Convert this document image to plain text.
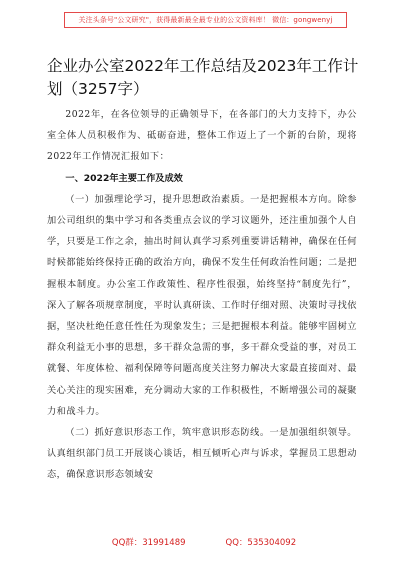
关注头条号"公文研究"，获得最新最全最专业的公文资料库！ 微信：gongwenyj
企业办公室2022年工作总结及2023年工作计划（3257字）

2022年，在各位领导的正确领导下，在各部门的大力支持下，办公室全体人员积极作为、砥砺奋进，整体工作迈上了一个新的台阶，现将2022年工作情况汇报如下：

一、2022年主要工作及成效

（一）加强理论学习，提升思想政治素质。一是把握根本方向。除参加公司组织的集中学习和各类重点会议的学习议题外，还注重加强个人自学，只要是工作之余，抽出时间认真学习系列重要讲话精神，确保在任何时候都能始终保持正确的政治方向，确保不发生任何政治性问题；二是把握根本制度。办公室工作政策性、程序性很强，始终坚持“制度先行”，深入了解各项规章制度，平时认真研读、工作时仔细对照、决策时寻找依据，坚决杜绝任意任性任为现象发生；三是把握根本利益。能够牢固树立群众利益无小事的思想，多干群众急需的事，多干群众受益的事，对员工就餐、年度体检、福利保障等问题高度关注努力解决大家最直接面对、最关心关注的现实困难，充分调动大家的工作积极性，不断增强公司的凝聚力和战斗力。

（二）抓好意识形态工作，筑牢意识形态防线。一是加强组织领导。认真组织部门员工开展谈心谈话，相互倾听心声与诉求，掌握员工思想动态，确保意识形态领域安

QQ群：31991489	QQ：535304092
